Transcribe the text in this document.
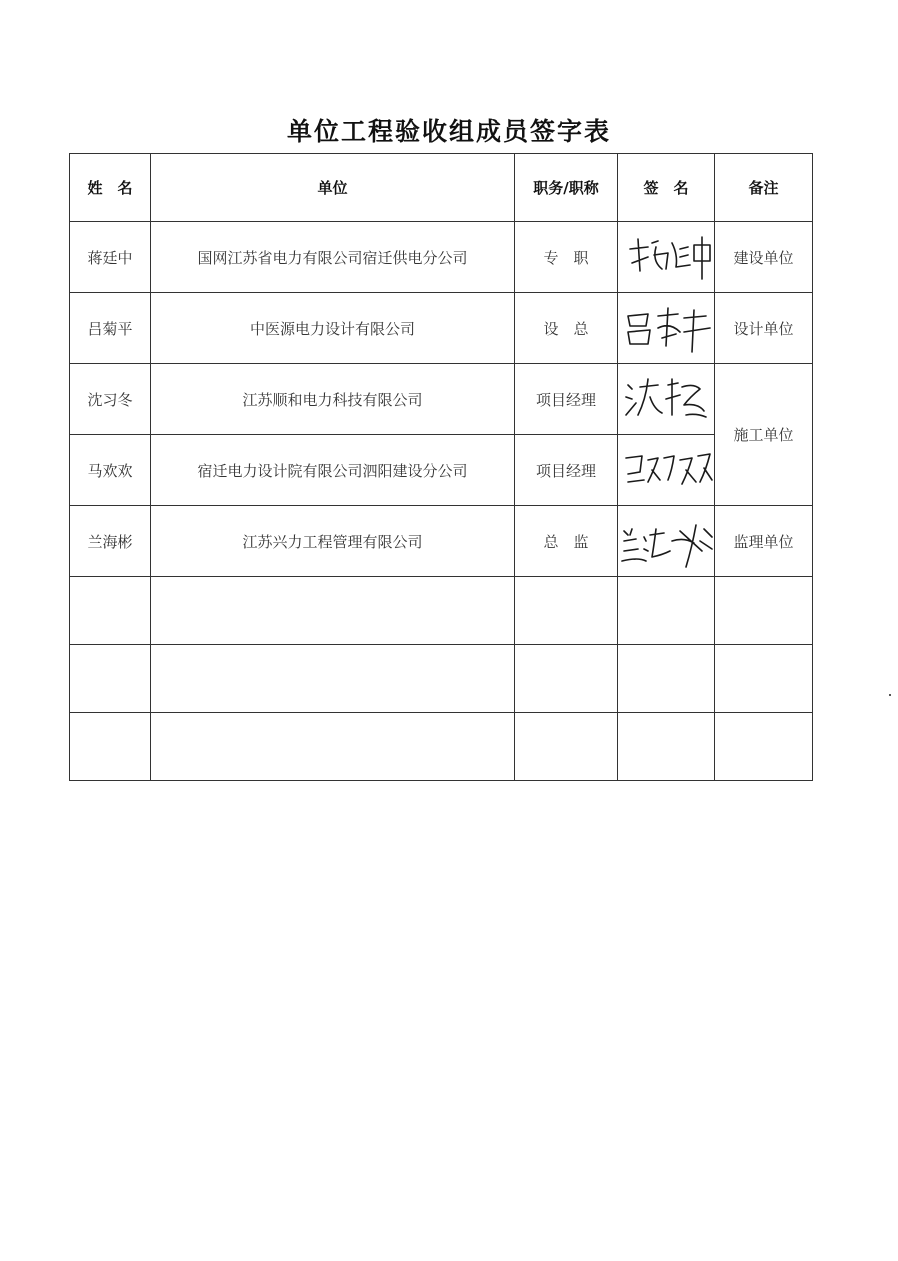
单位工程验收组成员签字表
姓　名	单位	职务/职称	签　名	备注
蒋廷中	国网江苏省电力有限公司宿迁供电分公司	专　职		建设单位
吕菊平	中医源电力设计有限公司	设　总		设计单位
沈习冬	江苏顺和电力科技有限公司	项目经理		施工单位
马欢欢	宿迁电力设计院有限公司泗阳建设分公司	项目经理	

兰海彬	江苏兴力工程管理有限公司	总　监		监理单位
